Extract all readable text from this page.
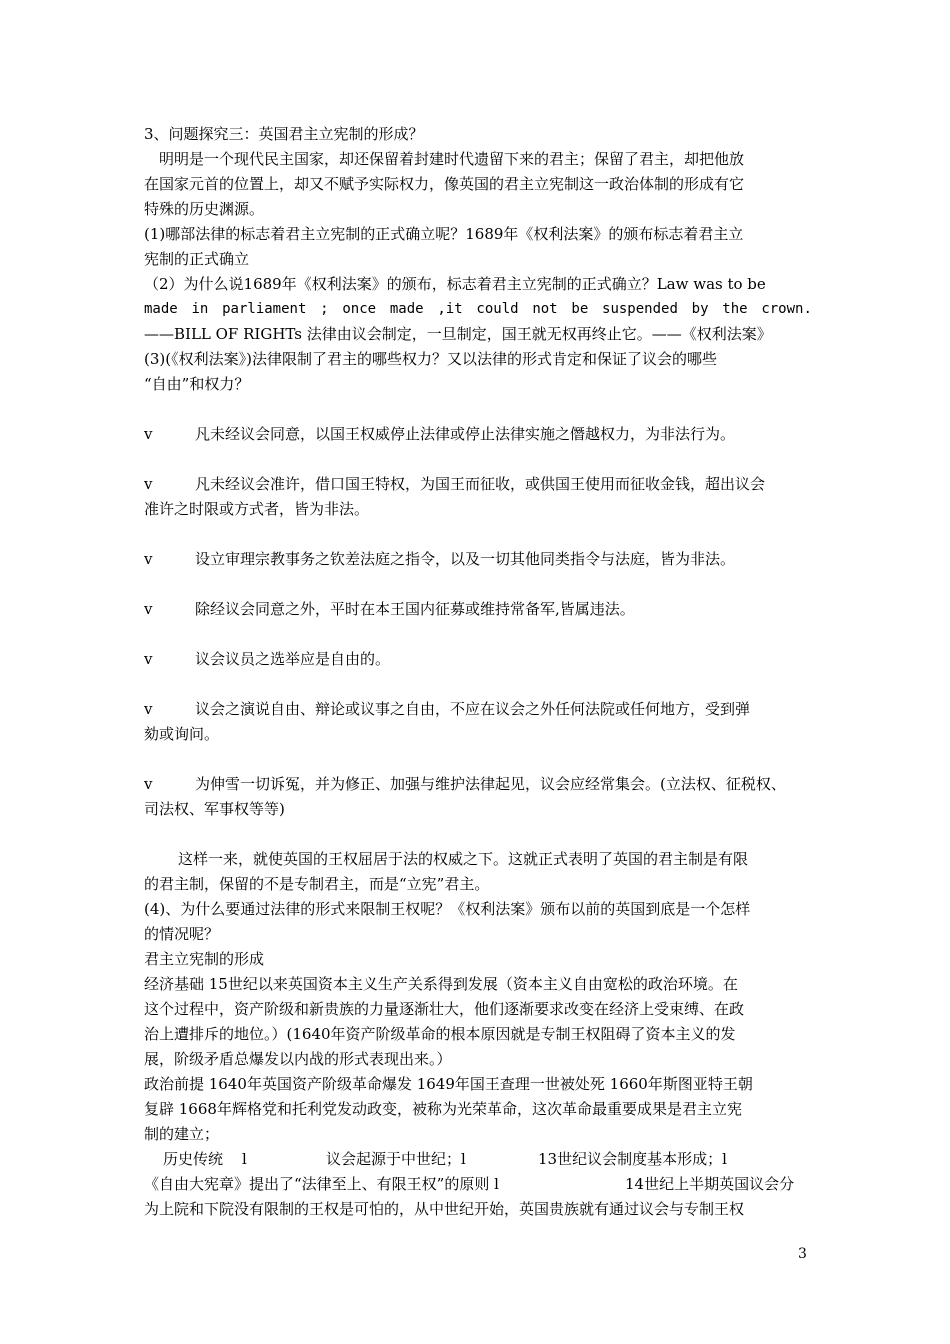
3、问题探究三：英国君主立宪制的形成？
明明是一个现代民主国家，却还保留着封建时代遗留下来的君主；保留了君主，却把他放
在国家元首的位置上，却又不赋予实际权力，像英国的君主立宪制这一政治体制的形成有它
特殊的历史渊源。
(1)哪部法律的标志着君主立宪制的正式确立呢？1689年《权利法案》的颁布标志着君主立
宪制的正式确立
（2）为什么说1689年《权利法案》的颁布，标志着君主立宪制的正式确立？Law was to be
made in parliament ; once made ,it could not be suspended by the crown.
——BILL OF RIGHTs 法律由议会制定，一旦制定，国王就无权再终止它。——《权利法案》
(3)(《权利法案》)法律限制了君主的哪些权力？又以法律的形式肯定和保证了议会的哪些
“自由”和权力？
v	凡未经议会同意，以国王权威停止法律或停止法律实施之僭越权力，为非法行为。
v	凡未经议会准许，借口国王特权，为国王而征收，或供国王使用而征收金钱，超出议会
准许之时限或方式者，皆为非法。
v	设立审理宗教事务之钦差法庭之指令，以及一切其他同类指令与法庭，皆为非法。
v	除经议会同意之外，平时在本王国内征募或维持常备军,皆属违法。
v	议会议员之选举应是自由的。
v	议会之演说自由、辩论或议事之自由，不应在议会之外任何法院或任何地方，受到弹
劾或询问。
v	为伸雪一切诉冤，并为修正、加强与维护法律起见，议会应经常集会。(立法权、征税权、
司法权、军事权等等)
这样一来，就使英国的王权屈居于法的权威之下。这就正式表明了英国的君主制是有限
的君主制，保留的不是专制君主，而是“立宪”君主。
(4)、为什么要通过法律的形式来限制王权呢？《权利法案》颁布以前的英国到底是一个怎样
的情况呢？
君主立宪制的形成
经济基础 15世纪以来英国资本主义生产关系得到发展（资本主义自由宽松的政治环境。在
这个过程中，资产阶级和新贵族的力量逐渐壮大，他们逐渐要求改变在经济上受束缚、在政
治上遭排斥的地位。）(1640年资产阶级革命的根本原因就是专制王权阻碍了资本主义的发
展，阶级矛盾总爆发以内战的形式表现出来。）
政治前提 1640年英国资产阶级革命爆发 1649年国王查理一世被处死 1660年斯图亚特王朝
复辟 1668年辉格党和托利党发动政变，被称为光荣革命，这次革命最重要成果是君主立宪
制的建立；
历史传统	l	议会起源于中世纪；l	13世纪议会制度基本形成；l
《自由大宪章》提出了“法律至上、有限王权”的原则 l	14世纪上半期英国议会分
为上院和下院没有限制的王权是可怕的，从中世纪开始，英国贵族就有通过议会与专制王权
3
